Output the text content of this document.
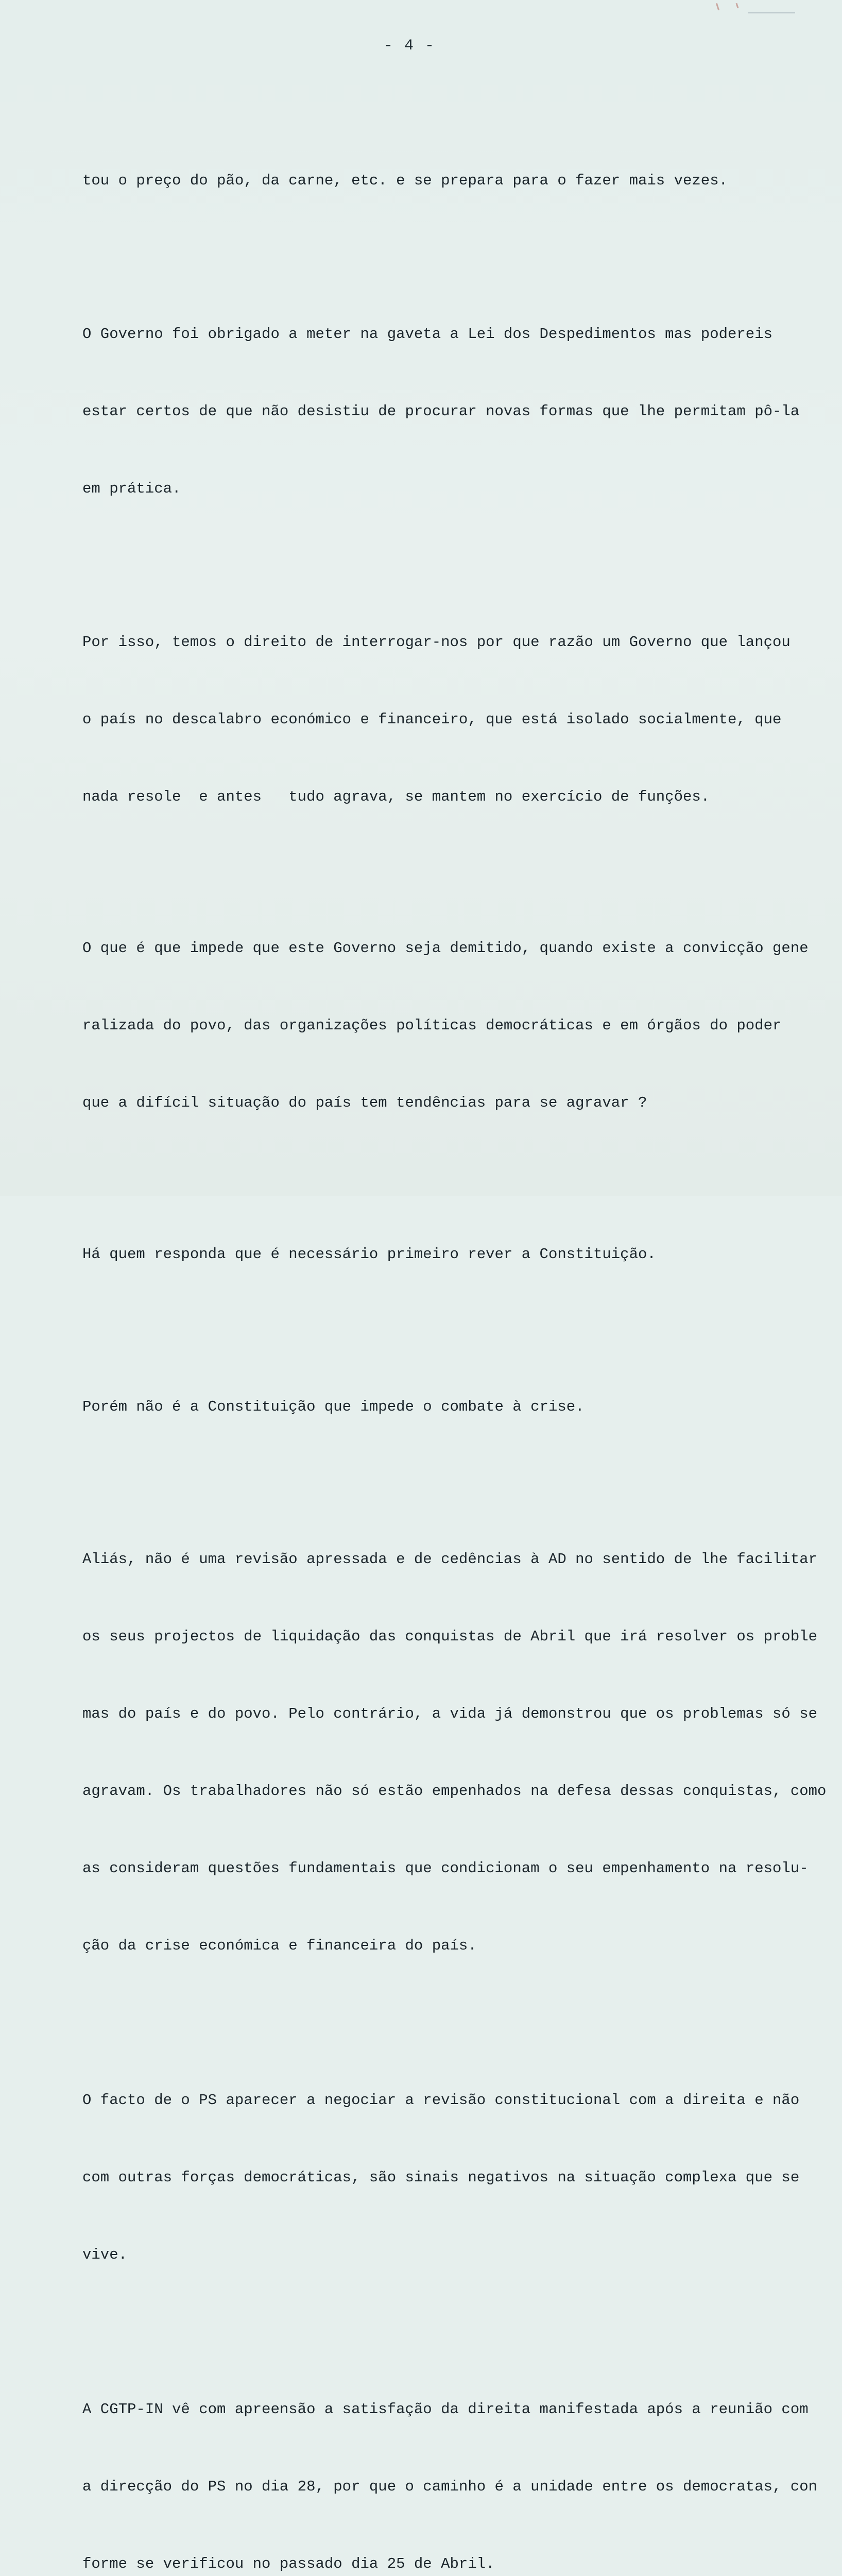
- 4 -

tou o preço do pão, da carne, etc. e se prepara para o fazer mais vezes.

O Governo foi obrigado a meter na gaveta a Lei dos Despedimentos mas podereis

estar certos de que não desistiu de procurar novas formas que lhe permitam pô-la

em prática.

Por isso, temos o direito de interrogar-nos por que razão um Governo que lançou

o país no descalabro económico e financeiro, que está isolado socialmente, que

nada resole  e antes   tudo agrava, se mantem no exercício de funções.

O que é que impede que este Governo seja demitido, quando existe a convicção gene

ralizada do povo, das organizações políticas democráticas e em órgãos do poder

que a difícil situação do país tem tendências para se agravar ?

Há quem responda que é necessário primeiro rever a Constituição.

Porém não é a Constituição que impede o combate à crise.

Aliás, não é uma revisão apressada e de cedências à AD no sentido de lhe facilitar

os seus projectos de liquidação das conquistas de Abril que irá resolver os proble

mas do país e do povo. Pelo contrário, a vida já demonstrou que os problemas só se

agravam. Os trabalhadores não só estão empenhados na defesa dessas conquistas, como

as consideram questões fundamentais que condicionam o seu empenhamento na resolu-

ção da crise económica e financeira do país.

O facto de o PS aparecer a negociar a revisão constitucional com a direita e não

com outras forças democráticas, são sinais negativos na situação complexa que se

vive.

A CGTP-IN vê com apreensão a satisfação da direita manifestada após a reunião com

a direcção do PS no dia 28, por que o caminho é a unidade entre os democratas, con

forme se verificou no passado dia 25 de Abril.
